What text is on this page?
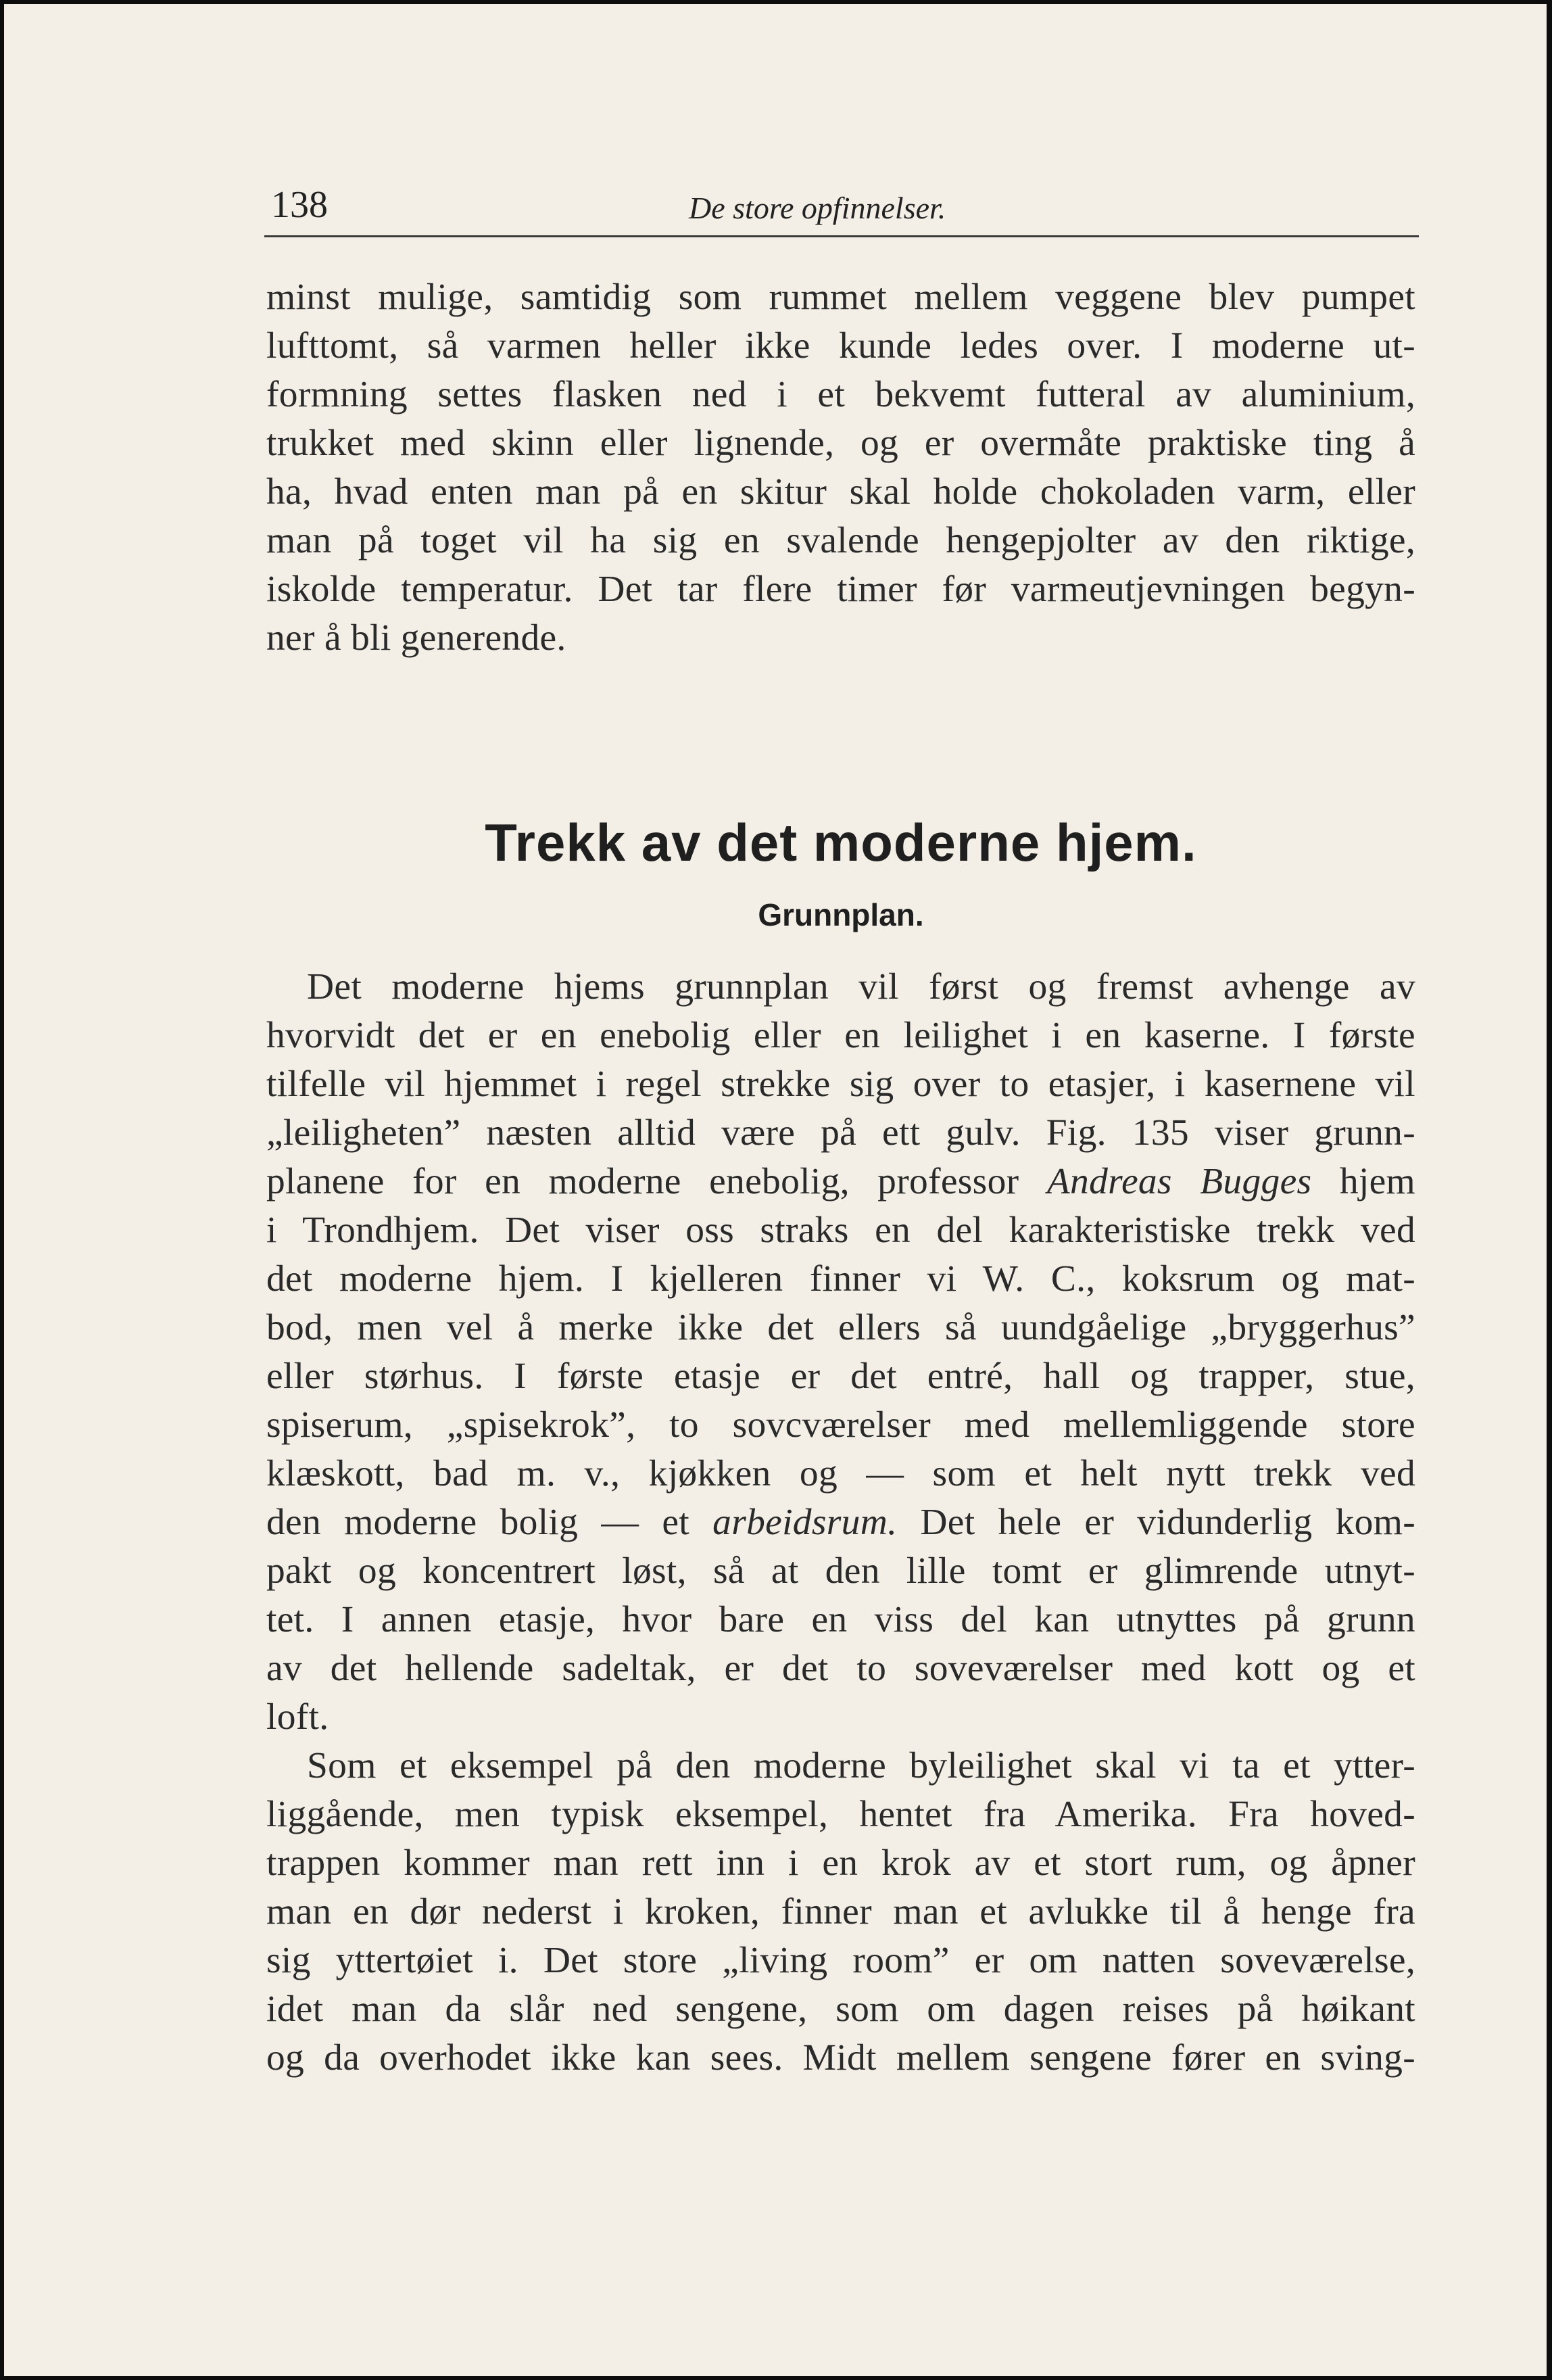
138	De store opfinnelser.
minst mulige, samtidig som rummet mellem veggene blev pumpet
lufttomt, så varmen heller ikke kunde ledes over. I moderne ut-
formning settes flasken ned i et bekvemt futteral av aluminium,
trukket med skinn eller lignende, og er overmåte praktiske ting å
ha, hvad enten man på en skitur skal holde chokoladen varm, eller
man på toget vil ha sig en svalende hengepjolter av den riktige,
iskolde temperatur. Det tar flere timer før varmeutjevningen begyn-
ner å bli generende.
Trekk av det moderne hjem.
Grunnplan.
Det moderne hjems grunnplan vil først og fremst avhenge av
hvorvidt det er en enebolig eller en leilighet i en kaserne. I første
tilfelle vil hjemmet i regel strekke sig over to etasjer, i kasernene vil
„leiligheten” næsten alltid være på ett gulv. Fig. 135 viser grunn-
planene for en moderne enebolig, professor Andreas Bugges hjem
i Trondhjem. Det viser oss straks en del karakteristiske trekk ved
det moderne hjem. I kjelleren finner vi W. C., koksrum og mat-
bod, men vel å merke ikke det ellers så uundgåelige „bryggerhus”
eller størhus. I første etasje er det entré, hall og trapper, stue,
spiserum, „spisekrok”, to sovcværelser med mellemliggende store
klæskott, bad m. v., kjøkken og — som et helt nytt trekk ved
den moderne bolig — et arbeidsrum. Det hele er vidunderlig kom-
pakt og koncentrert løst, så at den lille tomt er glimrende utnyt-
tet. I annen etasje, hvor bare en viss del kan utnyttes på grunn
av det hellende sadeltak, er det to soveværelser med kott og et
loft.
Som et eksempel på den moderne byleilighet skal vi ta et ytter-
liggående, men typisk eksempel, hentet fra Amerika. Fra hoved-
trappen kommer man rett inn i en krok av et stort rum, og åpner
man en dør nederst i kroken, finner man et avlukke til å henge fra
sig yttertøiet i. Det store „living room” er om natten soveværelse,
idet man da slår ned sengene, som om dagen reises på høikant
og da overhodet ikke kan sees. Midt mellem sengene fører en sving-
